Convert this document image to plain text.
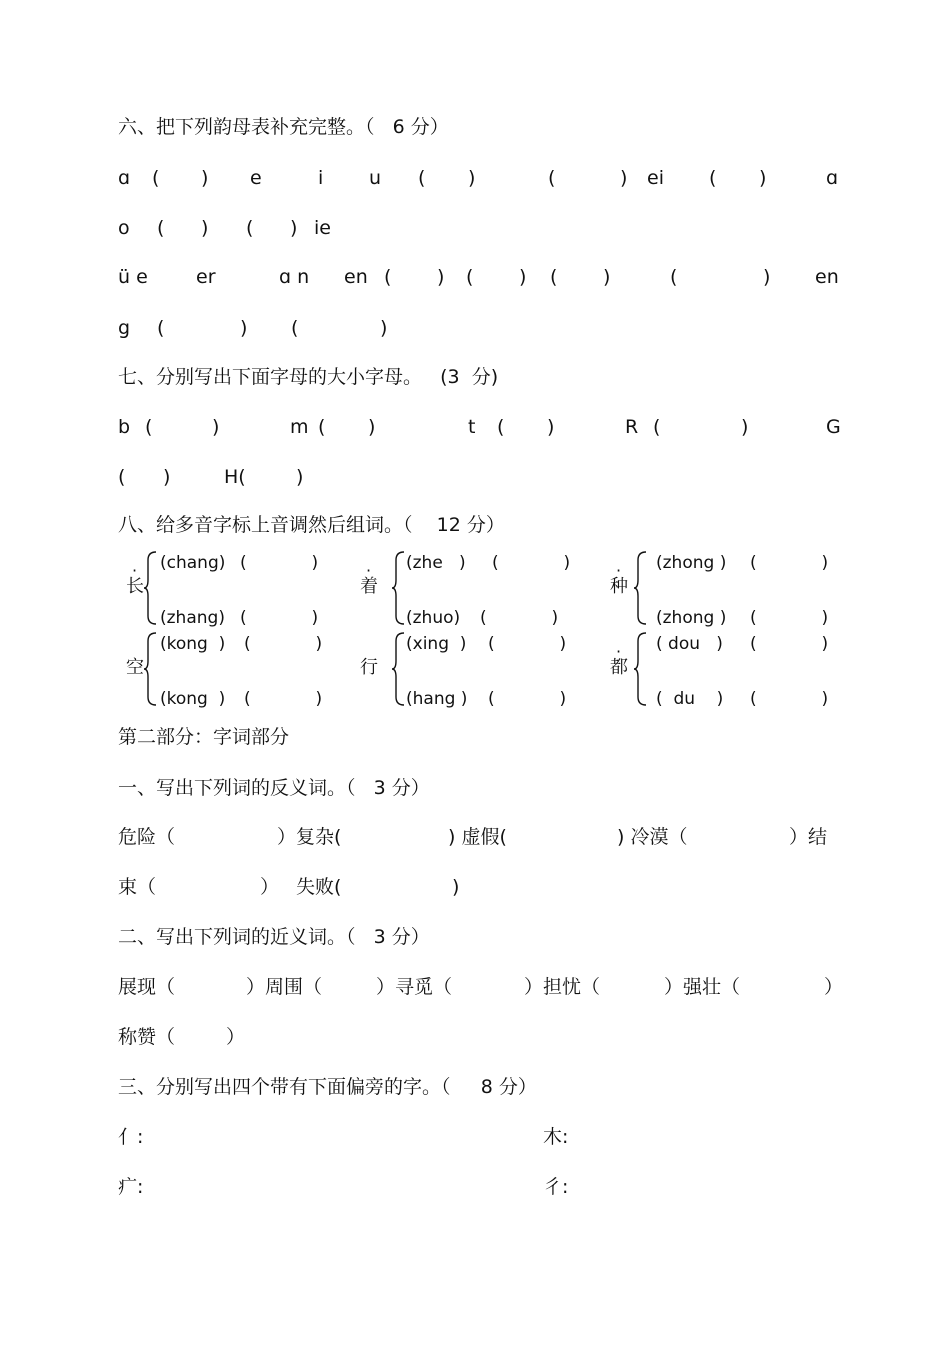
六、把下列韵母表补充完整。（   6 分）
ɑ ( ) e	i u ( )	(	) ei ( )	ɑ
o ( ) ( ) ie
ü e	er	ɑ n en ( ) ( ) ( )	(	) en
g (	) (	)
七、分别写出下面字母的大小字母。   (3  分)
b (	)	m ( )	t ( )	R (	)	G
( )	H(	)
八、给多音字标上音调然后组词。（    12 分）
·
长
(chang) (            )
(zhang) (            )
·
着
(zhe   ) (            )
(zhuo) (            )
·
种
(zhong ) (            )
(zhong ) (            )
空
(kong  ) (            )
(kong  ) (            )
行
(xing  ) (            )
(hang ) (            )
·
都
( dou   ) (            )
(  du    ) (            )
第二部分：字词部分
一、写出下列词的反义词。（   3 分）
危险（	）复杂(	) 虚假(	) 冷漠（	）结
束（	） 失败(	)
二、写出下列词的近义词。（   3 分）
展现（	）周围（	）寻觅（	）担忧（	）强壮（	）
称赞（	）
三、分别写出四个带有下面偏旁的字。（     8 分）
亻:	木:
疒:	彳:
